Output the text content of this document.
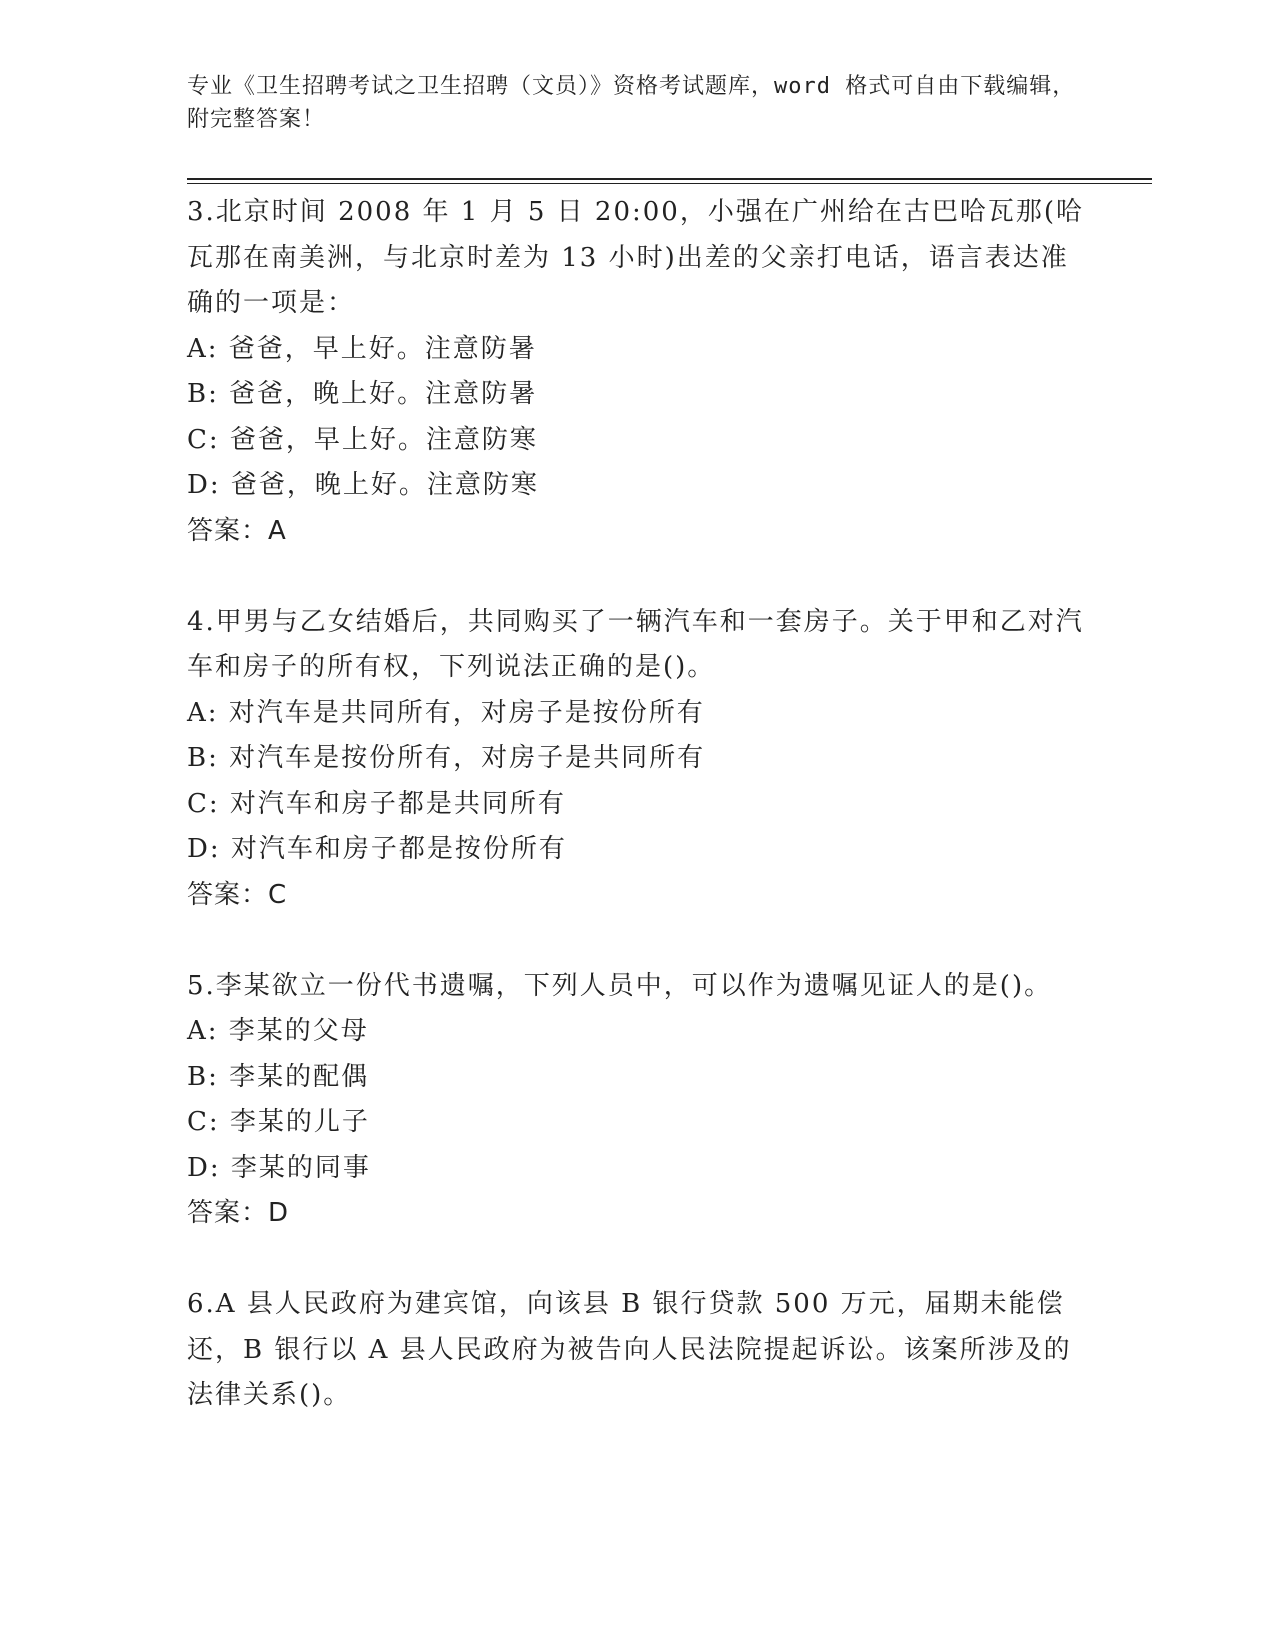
专业《卫生招聘考试之卫生招聘（文员）》资格考试题库，word 格式可自由下载编辑，附完整答案！
3.北京时间 2008 年 1 月 5 日 20:00，小强在广州给在古巴哈瓦那(哈瓦那在南美洲，与北京时差为 13 小时)出差的父亲打电话，语言表达准确的一项是：
A: 爸爸，早上好。注意防暑
B: 爸爸，晚上好。注意防暑
C: 爸爸，早上好。注意防寒
D: 爸爸，晚上好。注意防寒
答案：A
4.甲男与乙女结婚后，共同购买了一辆汽车和一套房子。关于甲和乙对汽车和房子的所有权，下列说法正确的是()。
A: 对汽车是共同所有，对房子是按份所有
B: 对汽车是按份所有，对房子是共同所有
C: 对汽车和房子都是共同所有
D: 对汽车和房子都是按份所有
答案：C
5.李某欲立一份代书遗嘱，下列人员中，可以作为遗嘱见证人的是()。
A: 李某的父母
B: 李某的配偶
C: 李某的儿子
D: 李某的同事
答案：D
6.A 县人民政府为建宾馆，向该县 B 银行贷款 500 万元，届期未能偿还，B 银行以 A 县人民政府为被告向人民法院提起诉讼。该案所涉及的法律关系()。
